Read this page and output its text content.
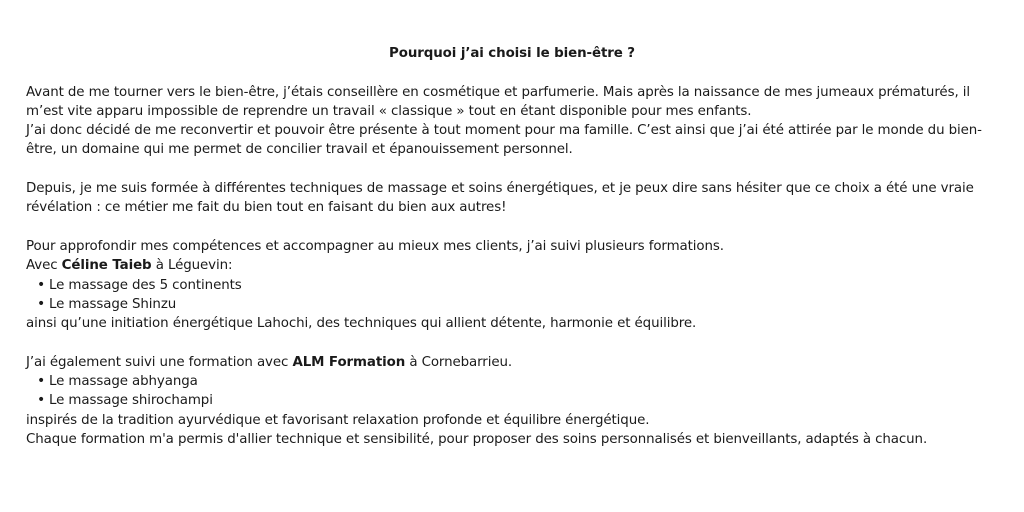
Pourquoi j’ai choisi le bien-être ?

Avant de me tourner vers le bien-être, j’étais conseillère en cosmétique et parfumerie. Mais après la naissance de mes jumeaux prématurés, il m’est vite apparu impossible de reprendre un travail « classique » tout en étant disponible pour mes enfants.

J’ai donc décidé de me reconvertir et pouvoir être présente à tout moment pour ma famille. C’est ainsi que j’ai été attirée par le monde du bien-être, un domaine qui me permet de concilier travail et épanouissement personnel.

Depuis, je me suis formée à différentes techniques de massage et soins énergétiques, et je peux dire sans hésiter que ce choix a été une vraie révélation : ce métier me fait du bien tout en faisant du bien aux autres!

Pour approfondir mes compétences et accompagner au mieux mes clients, j’ai suivi plusieurs formations.

Avec Céline Taieb à Léguevin:

• Le massage des 5 continents
• Le massage Shinzu

ainsi qu’une initiation énergétique Lahochi, des techniques qui allient détente, harmonie et équilibre.

J’ai également suivi une formation avec ALM Formation à Cornebarrieu.

• Le massage abhyanga
• Le massage shirochampi

inspirés de la tradition ayurvédique et favorisant relaxation profonde et équilibre énergétique.

Chaque formation m'a permis d'allier technique et sensibilité, pour proposer des soins personnalisés et bienveillants, adaptés à chacun.
